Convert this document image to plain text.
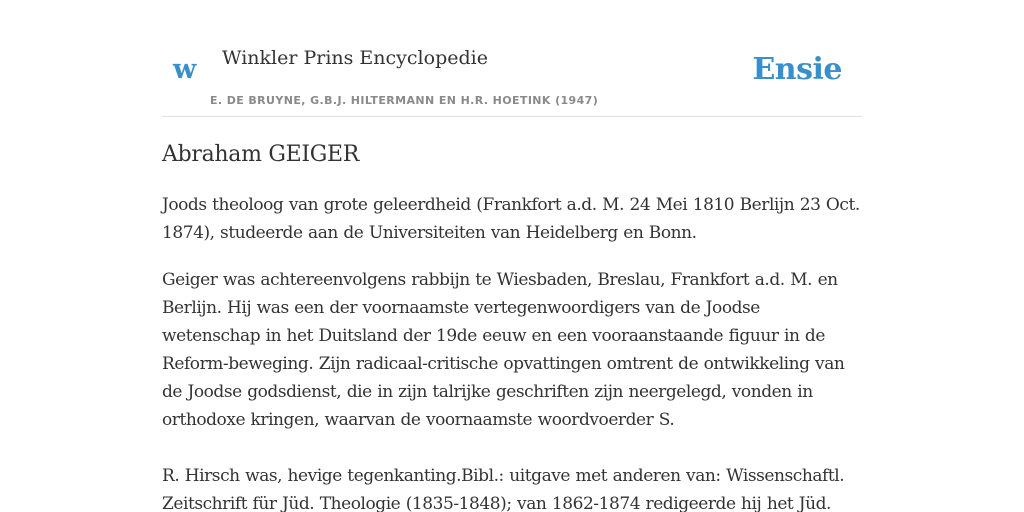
w Winkler Prins Encyclopedie
E. DE BRUYNE, G.B.J. HILTERMANN EN H.R. HOETINK (1947)
Ensie
Abraham GEIGER

Joods theoloog van grote geleerdheid (Frankfort a.d. M. 24 Mei 1810 Berlijn 23 Oct. 1874), studeerde aan de Universiteiten van Heidelberg en Bonn.

Geiger was achtereenvolgens rabbijn te Wiesbaden, Breslau, Frankfort a.d. M. en Berlijn. Hij was een der voornaamste vertegenwoordigers van de Joodse wetenschap in het Duitsland der 19de eeuw en een vooraanstaande figuur in de Reform-beweging. Zijn radicaal-critische opvattingen omtrent de ontwikkeling van de Joodse godsdienst, die in zijn talrijke geschriften zijn neergelegd, vonden in orthodoxe kringen, waarvan de voornaamste woordvoerder S.

R. Hirsch was, hevige tegenkanting.Bibl.: uitgave met anderen van: Wissenschaftl. Zeitschrift für Jüd. Theologie (1835-1848); van 1862-1874 redigeerde hij het Jüd.
